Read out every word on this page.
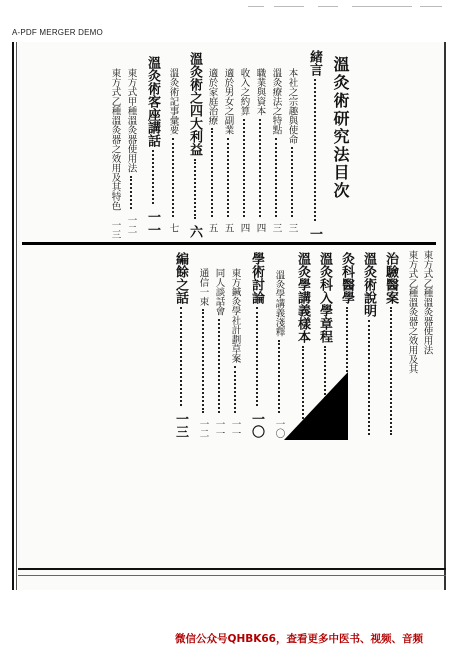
A-PDF MERGER DEMO
溫灸術研究法目次
緒言
一
本社之宗趣與使命
三
溫灸療法之特點
三
職業與資本
四
收入之約算
四
適於男女之副業
五
適於家庭治療
五
溫灸術之四大利益
六
溫灸術記事彙要
七
溫灸術客座講話
一一
東方式甲種溫灸器使用法
一二
東方式乙種溫灸器之效用及其特色
一三
東方式乙種溫灸器使用法
東方式乙種溫灸器之效用及其
治驗醫案
溫灸術說明
灸科醫學
溫灸科入學章程
六
溫灸學講義樣本
六
溫灸學講義淺釋
一〇
學術討論
一〇
東方鍼灸學社計劃草案
一一
同人談話會
一一
通信一束
一二
編餘之話
一三
微信公众号QHBK66，查看更多中医书、视频、音频
